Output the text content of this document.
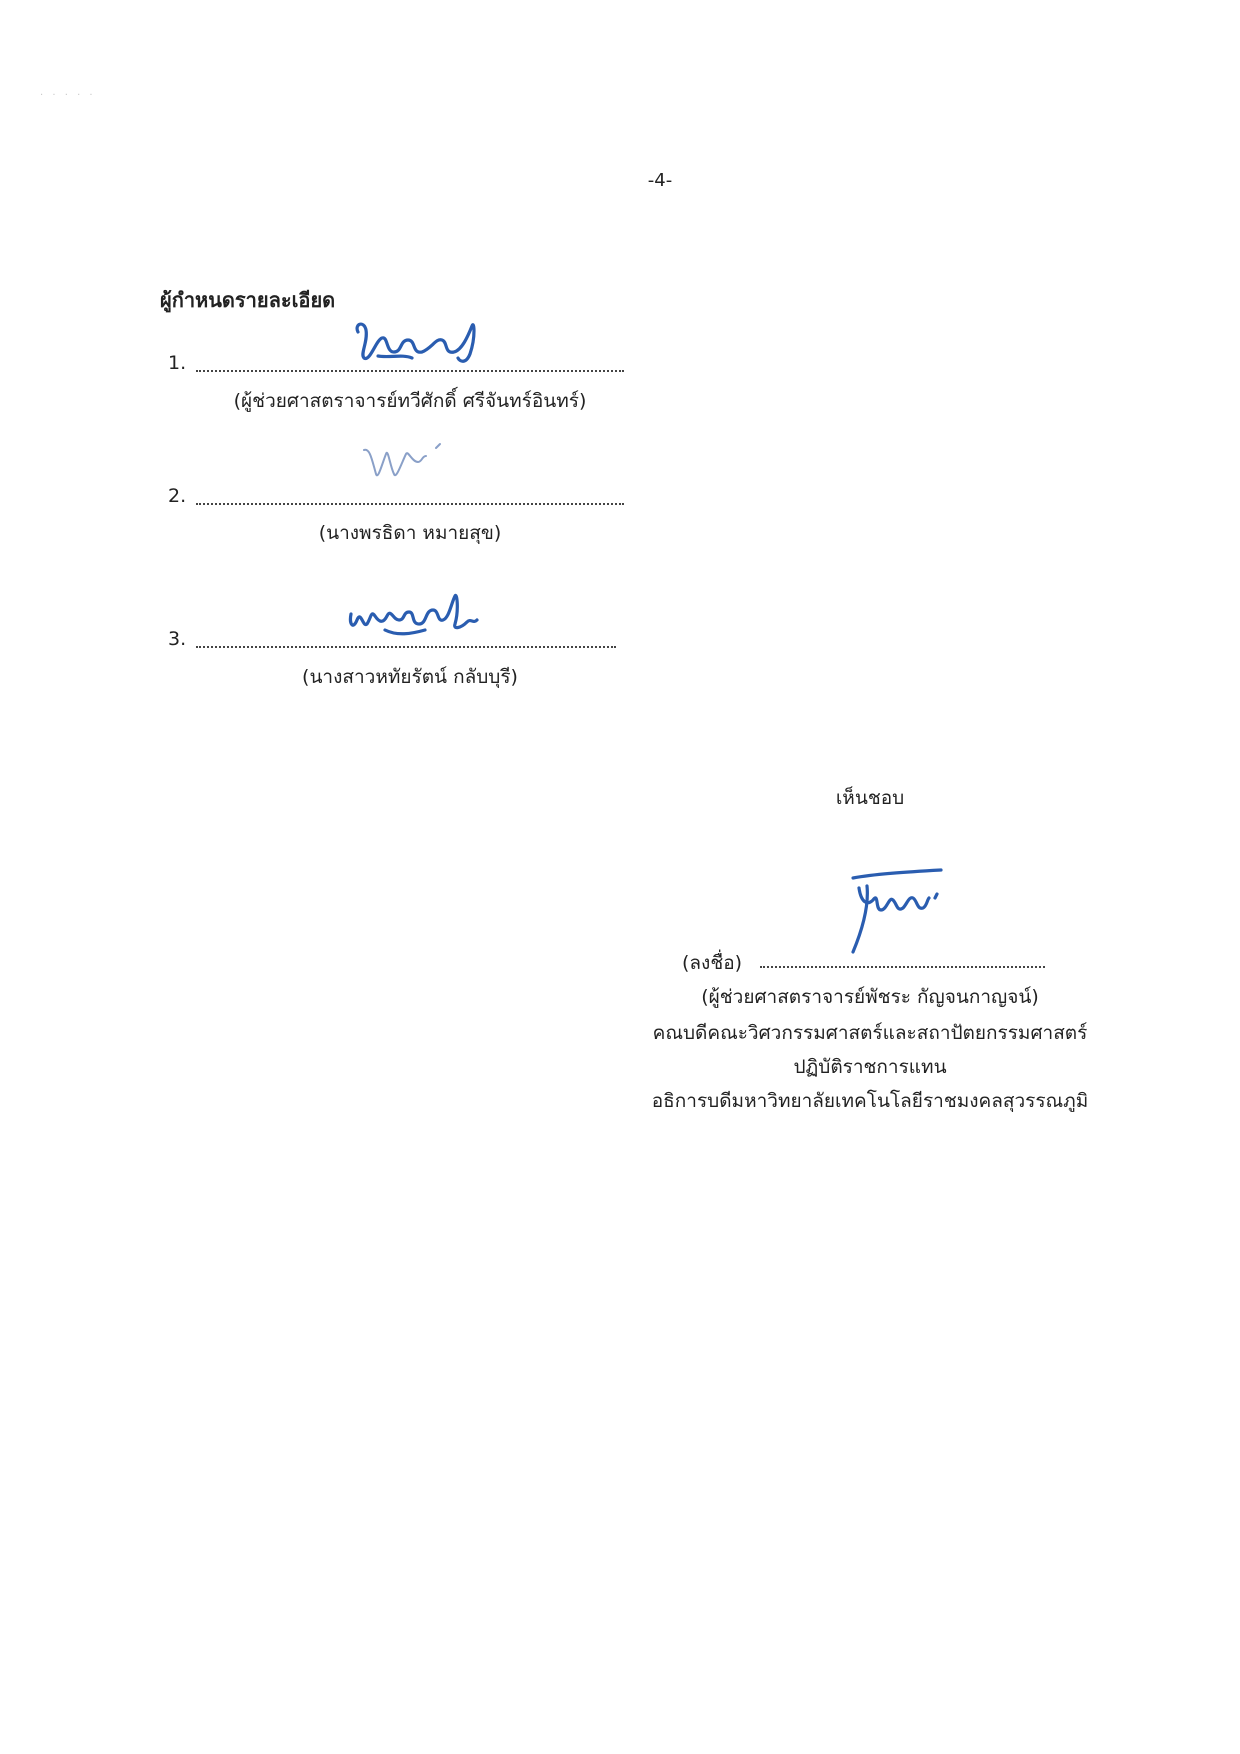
· · · · ·
-4-
ผู้กำหนดรายละเอียด
1.
(ผู้ช่วยศาสตราจารย์ทวีศักดิ์ ศรีจันทร์อินทร์)
2.
(นางพรธิดา หมายสุข)
3.
(นางสาวหทัยรัตน์ กลับบุรี)
เห็นชอบ
(ลงชื่อ)
(ผู้ช่วยศาสตราจารย์พัชระ กัญจนกาญจน์)
คณบดีคณะวิศวกรรมศาสตร์และสถาปัตยกรรมศาสตร์
ปฏิบัติราชการแทน
อธิการบดีมหาวิทยาลัยเทคโนโลยีราชมงคลสุวรรณภูมิ
